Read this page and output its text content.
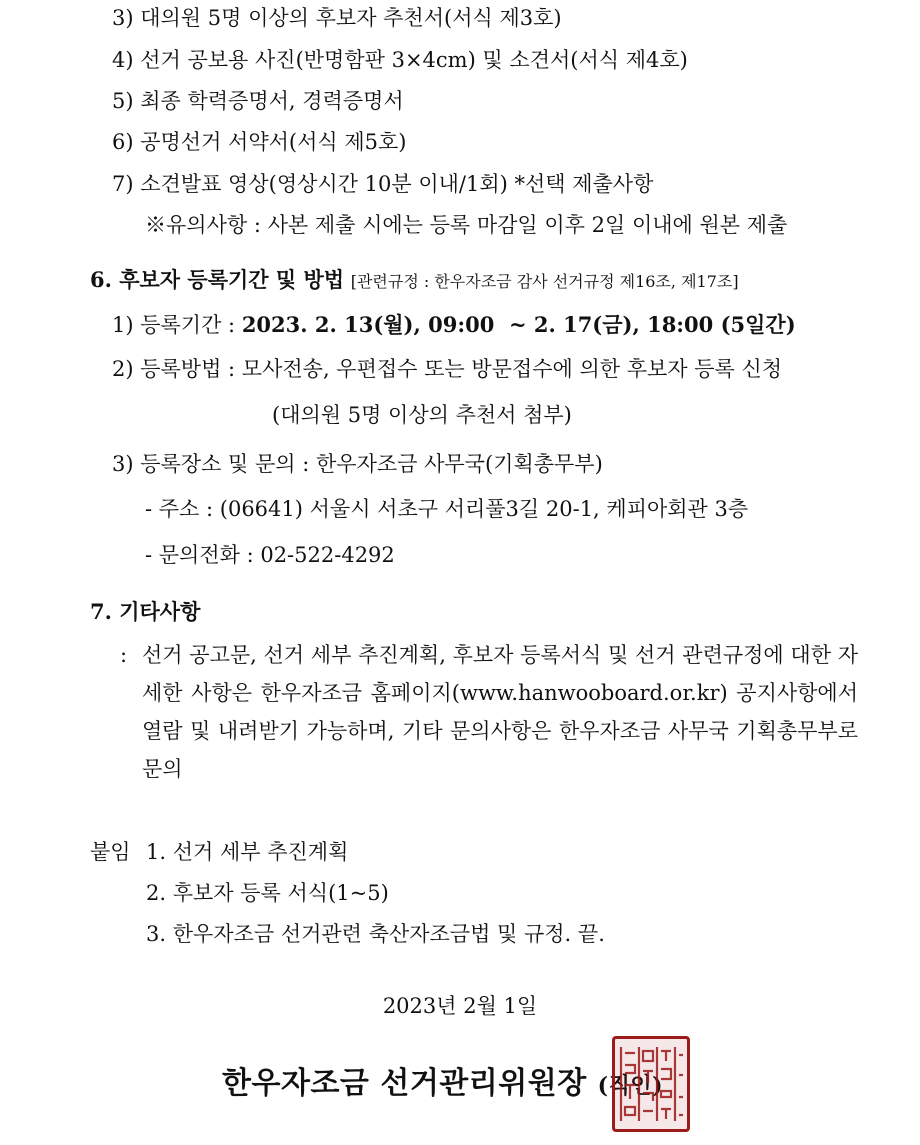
3) 대의원 5명 이상의 후보자 추천서(서식 제3호)
4) 선거 공보용 사진(반명함판 3×4cm) 및 소견서(서식 제4호)
5) 최종 학력증명서, 경력증명서
6) 공명선거 서약서(서식 제5호)
7) 소견발표 영상(영상시간 10분 이내/1회) *선택 제출사항
※유의사항 : 사본 제출 시에는 등록 마감일 이후 2일 이내에 원본 제출
6. 후보자 등록기간 및 방법 [관련규정 : 한우자조금 감사 선거규정 제16조, 제17조]
1) 등록기간 : 2023. 2. 13(월), 09:00  ~ 2. 17(금), 18:00 (5일간)
2) 등록방법 : 모사전송, 우편접수 또는 방문접수에 의한 후보자 등록 신청
(대의원 5명 이상의 추천서 첨부)
3) 등록장소 및 문의 : 한우자조금 사무국(기획총무부)
- 주소 : (06641) 서울시 서초구 서리풀3길 20-1, 케피아회관 3층
- 문의전화 : 02-522-4292
7. 기타사항
: 선거 공고문, 선거 세부 추진계획, 후보자 등록서식 및 선거 관련규정에 대한 자세한 사항은 한우자조금 홈페이지(www.hanwooboard.or.kr) 공지사항에서 열람 및 내려받기 가능하며, 기타 문의사항은 한우자조금 사무국 기획총무부로 문의
붙임 1. 선거 세부 추진계획
2. 후보자 등록 서식(1~5)
3. 한우자조금 선거관련 축산자조금법 및 규정. 끝.
2023년 2월 1일
한우자조금 선거관리위원장 (직인)
